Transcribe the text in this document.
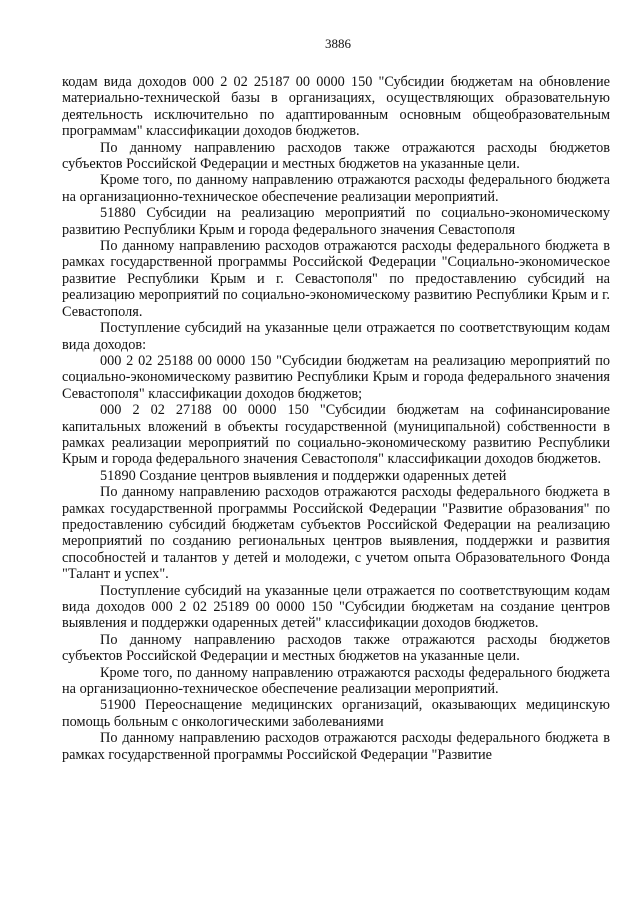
3886

кодам вида доходов 000 2 02 25187 00 0000 150 "Субсидии бюджетам на обновление материально-технической базы в организациях, осуществляющих образовательную деятельность исключительно по адаптированным основным общеобразовательным программам" классификации доходов бюджетов.

По данному направлению расходов также отражаются расходы бюджетов субъектов Российской Федерации и местных бюджетов на указанные цели.

Кроме того, по данному направлению отражаются расходы федерального бюджета на организационно-техническое обеспечение реализации мероприятий.

51880 Субсидии на реализацию мероприятий по социально-экономическому развитию Республики Крым и города федерального значения Севастополя

По данному направлению расходов отражаются расходы федерального бюджета в рамках государственной программы Российской Федерации "Социально-экономическое развитие Республики Крым и г. Севастополя" по предоставлению субсидий на реализацию мероприятий по социально-экономическому развитию Республики Крым и г. Севастополя.

Поступление субсидий на указанные цели отражается по соответствующим кодам вида доходов:

000 2 02 25188 00 0000 150 "Субсидии бюджетам на реализацию мероприятий по социально-экономическому развитию Республики Крым и города федерального значения Севастополя" классификации доходов бюджетов;

000 2 02 27188 00 0000 150 "Субсидии бюджетам на софинансирование капитальных вложений в объекты государственной (муниципальной) собственности в рамках реализации мероприятий по социально-экономическому развитию Республики Крым и города федерального значения Севастополя" классификации доходов бюджетов.

51890 Создание центров выявления и поддержки одаренных детей

По данному направлению расходов отражаются расходы федерального бюджета в рамках государственной программы Российской Федерации "Развитие образования" по предоставлению субсидий бюджетам субъектов Российской Федерации на реализацию мероприятий по созданию региональных центров выявления, поддержки и развития способностей и талантов у детей и молодежи, с учетом опыта Образовательного Фонда "Талант и успех".

Поступление субсидий на указанные цели отражается по соответствующим кодам вида доходов 000 2 02 25189 00 0000 150 "Субсидии бюджетам на создание центров выявления и поддержки одаренных детей" классификации доходов бюджетов.

По данному направлению расходов также отражаются расходы бюджетов субъектов Российской Федерации и местных бюджетов на указанные цели.

Кроме того, по данному направлению отражаются расходы федерального бюджета на организационно-техническое обеспечение реализации мероприятий.

51900 Переоснащение медицинских организаций, оказывающих медицинскую помощь больным с онкологическими заболеваниями

По данному направлению расходов отражаются расходы федерального бюджета в рамках государственной программы Российской Федерации "Развитие
